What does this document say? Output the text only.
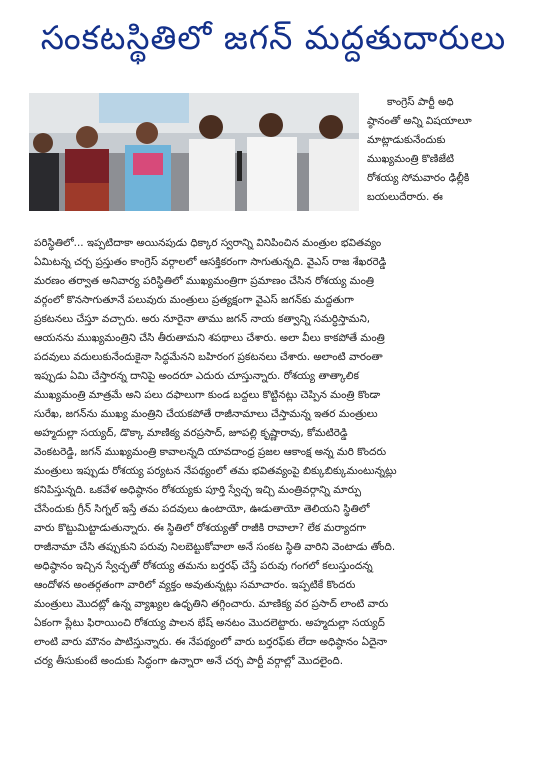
సంకటస్థితిలో జగన్ మద్దతుదారులు
కాంగ్రెస్ పార్టీ అధి
ష్ఠానంతో అన్ని విషయాలూ
మాట్లాడుకునేందుకు
ముఖ్యమంత్రి కొణిజేటి
రోశయ్య సోమవారం ఢిల్లీకి
బయలుదేరారు. ఈ
పరిస్థితిలో... ఇప్పటిదాకా అయినపుడు ధిక్కార స్వరాన్ని వినిపించిన మంత్రుల భవితవ్యం
ఏమిటన్న చర్చ ప్రస్తుతం కాంగ్రెస్ వర్గాలలో ఆసక్తికరంగా సాగుతున్నది. వైఎస్ రాజ శేఖరరెడ్డి
మరణం తర్వాత అనివార్య పరిస్థితిలో ముఖ్యమంత్రిగా ప్రమాణం చేసిన రోశయ్య మంత్రి
వర్గంలో కొనసాగుతూనే పలువురు మంత్రులు ప్రత్యక్షంగా వైఎస్ జగన్‌కు మద్దతుగా
ప్రకటనలు చేస్తూ వచ్చారు. అరు నూరైనా తాము జగన్ నాయ కత్వాన్ని సమర్ధిస్తామని,
ఆయనను ముఖ్యమంత్రిని చేసి తీరుతామని శపథాలు చేశారు. అలా వీలు కాకపోతే మంత్రి
పదవులు వదులుకునేందుకైనా సిద్ధమేనని బహిరంగ ప్రకటనలు చేశారు. అలాంటి వారంతా
ఇప్పుడు ఏమి చేస్తారన్న దానిపై అందరూ ఎదురు చూస్తున్నారు. రోశయ్య తాత్కాలిక
ముఖ్యమంత్రి మాత్రమే అని పలు దఫాలుగా కుండ బద్దలు కొట్టినట్లు చెప్పిన మంత్రి కొండా
సురేఖ, జగన్‌ను ముఖ్య మంత్రిని చేయకపోతే రాజీనామాలు చేస్తామన్న ఇతర మంత్రులు
అహ్మదుల్లా సయ్యద్, డొక్కా మాణిక్య వరప్రసాద్, జూపల్లి కృష్ణారావు, కోమటిరెడ్డి
వెంకటరెడ్డి, జగన్ ముఖ్యమంత్రి కావాలన్నది యావదాంధ్ర ప్రజల ఆకాంక్ష అన్న మరి కొందరు
మంత్రులు ఇప్పుడు రోశయ్య పర్యటన నేపథ్యంలో తమ భవితవ్యంపై బిక్కుబిక్కుమంటున్నట్లు
కనిపిస్తున్నది. ఒకవేళ అధిష్ఠానం రోశయ్యకు పూర్తి స్వేచ్ఛ ఇచ్చి మంత్రివర్గాన్ని మార్పు
చేసేందుకు గ్రీన్ సిగ్నల్ ఇస్తే తమ పదవులు ఉంటాయో, ఊడుతాయో తెలియని స్థితిలో
వారు కొట్టుమిట్టాడుతున్నారు. ఈ స్థితిలో రోశయ్యతో రాజీకి రావాలా? లేక మర్యాదగా
రాజీనామా చేసి తప్పుకుని పరువు నిలబెట్టుకోవాలా అనే సంకట స్థితి వారిని వెంటాడు తోంది.
అధిష్ఠానం ఇచ్చిన స్వేచ్ఛతో రోశయ్య తమను బర్తరఫ్ చేస్తే పరువు గంగలో కలుస్తుందన్న
ఆందోళన అంతర్గతంగా వారిలో వ్యక్తం అవుతున్నట్లు సమాచారం. ఇప్పటికే కొందరు
మంత్రులు మొదట్లో ఉన్న వ్యాఖ్యల ఉధృతిని తగ్గించారు. మాణిక్య వర ప్రసాద్ లాంటి వారు
ఏకంగా ప్లేటు ఫిరాయించి రోశయ్య పాలన భేష్ అనటం మొదలెట్టారు. అహ్మదుల్లా సయ్యద్
లాంటి వారు మౌనం పాటిస్తున్నారు. ఈ నేపథ్యంలో వారు బర్తరఫ్‌కు లేదా అధిష్ఠానం ఏదైనా
చర్య తీసుకుంటే అందుకు సిద్ధంగా ఉన్నారా అనే చర్చ పార్టీ వర్గాల్లో మొదలైంది.
